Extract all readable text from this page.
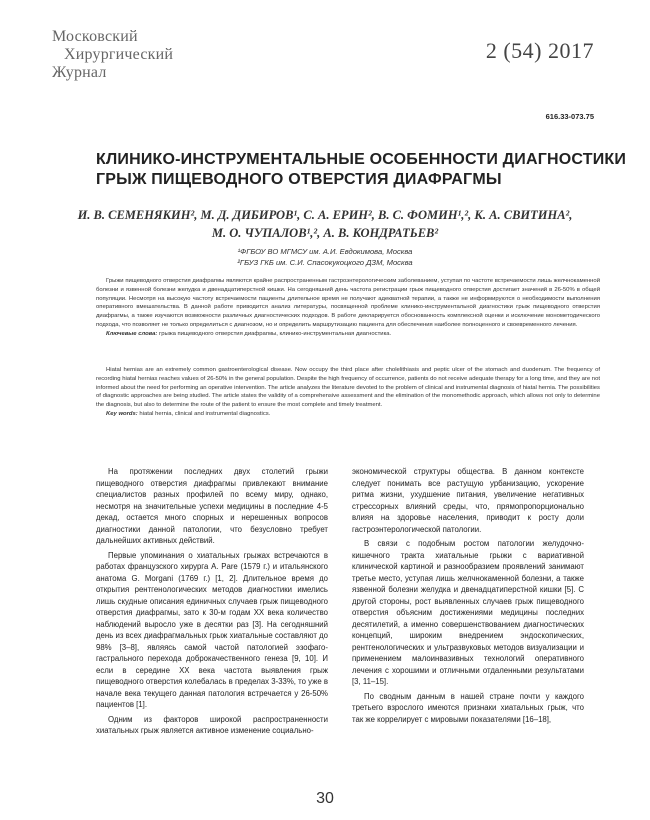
Московский
Хирургический
Журнал
2 (54) 2017
616.33-073.75
КЛИНИКО-ИНСТРУМЕНТАЛЬНЫЕ ОСОБЕННОСТИ ДИАГНОСТИКИ
ГРЫЖ ПИЩЕВОДНОГО ОТВЕРСТИЯ ДИАФРАГМЫ
И. В. СЕМЕНЯКИН², М. Д. ДИБИРОВ¹, С. А. ЕРИН², В. С. ФОМИН¹,², К. А. СВИТИНА²,
М. О. ЧУПАЛОВ¹,², А. В. КОНДРАТЬЕВ²
¹ФГБОУ ВО МГМСУ им. А.И. Евдокимова, Москва
²ГБУЗ ГКБ им. С.И. Спасокукоцкого ДЗМ, Москва
Грыжи пищеводного отверстия диафрагмы являются крайне распространенным гастроэнтерологическим заболеванием, уступая по частоте встречаемости лишь желчнокаменной болезни и язвенной болезни желудка и двенадцатиперстной кишки. На сегодняшний день частота регистрации грыж пищеводного отверстия достигает значений в 26-50% в общей популяции. Несмотря на высокую частоту встречаемости пациенты длительное время не получают адекватной терапии, а также не информируются о необходимости выполнения оперативного вмешательства. В данной работе приводится анализ литературы, посвященной проблеме клинико-инструментальной диагностики грыж пищеводного отверстия диафрагмы, а также изучаются возможности различных диагностических подходов. В работе декларируется обоснованность комплексной оценки и исключение монометодического подхода, что позволяет не только определиться с диагнозом, но и определить маршрутизацию пациента для обеспечения наиболее полноценного и своевременного лечения.
Ключевые слова: грыжа пищеводного отверстия диафрагмы, клинико-инструментальная диагностика.
Hiatal hernias are an extremely common gastroenterological disease. Now occupy the third place after cholelithiasis and peptic ulcer of the stomach and duodenum. The frequency of recording hiatal hernias reaches values of 26-50% in the general population. Despite the high frequency of occurrence, patients do not receive adequate therapy for a long time, and they are not informed about the need for performing an operative intervention. The article analyzes the literature devoted to the problem of clinical and instrumental diagnosis of hiatal hernia. The possibilities of diagnostic approaches are being studied. The article states the validity of a comprehensive assessment and the elimination of the monomethodic approach, which allows not only to determine the diagnosis, but also to determine the route of the patient to ensure the most complete and timely treatment.
Key words: hiatal hernia, clinical and instrumental diagnostics.

На протяжении последних двух столетий грыжи пищеводного отверстия диафрагмы привлекают внимание специалистов разных профилей по всему миру, однако, несмотря на значительные успехи медицины в последние 4-5 декад, остается много спорных и нерешенных вопросов диагностики данной патологии, что безусловно требует дальнейших активных действий.

Первые упоминания о хиатальных грыжах встречаются в работах французского хирурга A. Pare (1579 г.) и итальянского анатома G. Morgani (1769 г.) [1, 2]. Длительное время до открытия рентгенологических методов диагностики имелись лишь скудные описания единичных случаев грыж пищеводного отверстия диафрагмы, зато к 30-м годам XX века количество наблюдений выросло уже в десятки раз [3]. На сегодняшний день из всех диафрагмальных грыж хиатальные составляют до 98% [3–8], являясь самой частой патологией эзофаго-гастрального перехода доброкачественного генеза [9, 10]. И если в середине XX века частота выявления грыж пищеводного отверстия колебалась в пределах 3-33%, то уже в начале века текущего данная патология встречается у 26-50% пациентов [1].

Одним из факторов широкой распространенности хиатальных грыж является активное изменение социально-

экономической структуры общества. В данном контексте следует понимать все растущую урбанизацию, ускорение ритма жизни, ухудшение питания, увеличение негативных стрессорных влияний среды, что, прямопропорционально влияя на здоровье населения, приводит к росту доли гастроэнтерологической патологии.

В связи с подобным ростом патологии желудочно-кишечного тракта хиатальные грыжи с вариативной клинической картиной и разнообразием проявлений занимают третье место, уступая лишь желчнокаменной болезни, а также язвенной болезни желудка и двенадцатиперстной кишки [5]. С другой стороны, рост выявленных случаев грыж пищеводного отверстия объясним достижениями медицины последних десятилетий, а именно совершенствованием диагностических концепций, широким внедрением эндоскопических, рентгенологических и ультразвуковых методов визуализации и применением малоинвазивных технологий оперативного лечения с хорошими и отличными отдаленными результатами [3, 11–15].

По сводным данным в нашей стране почти у каждого третьего взрослого имеются признаки хиатальных грыж, что так же коррелирует с мировыми показателями [16–18],

30
